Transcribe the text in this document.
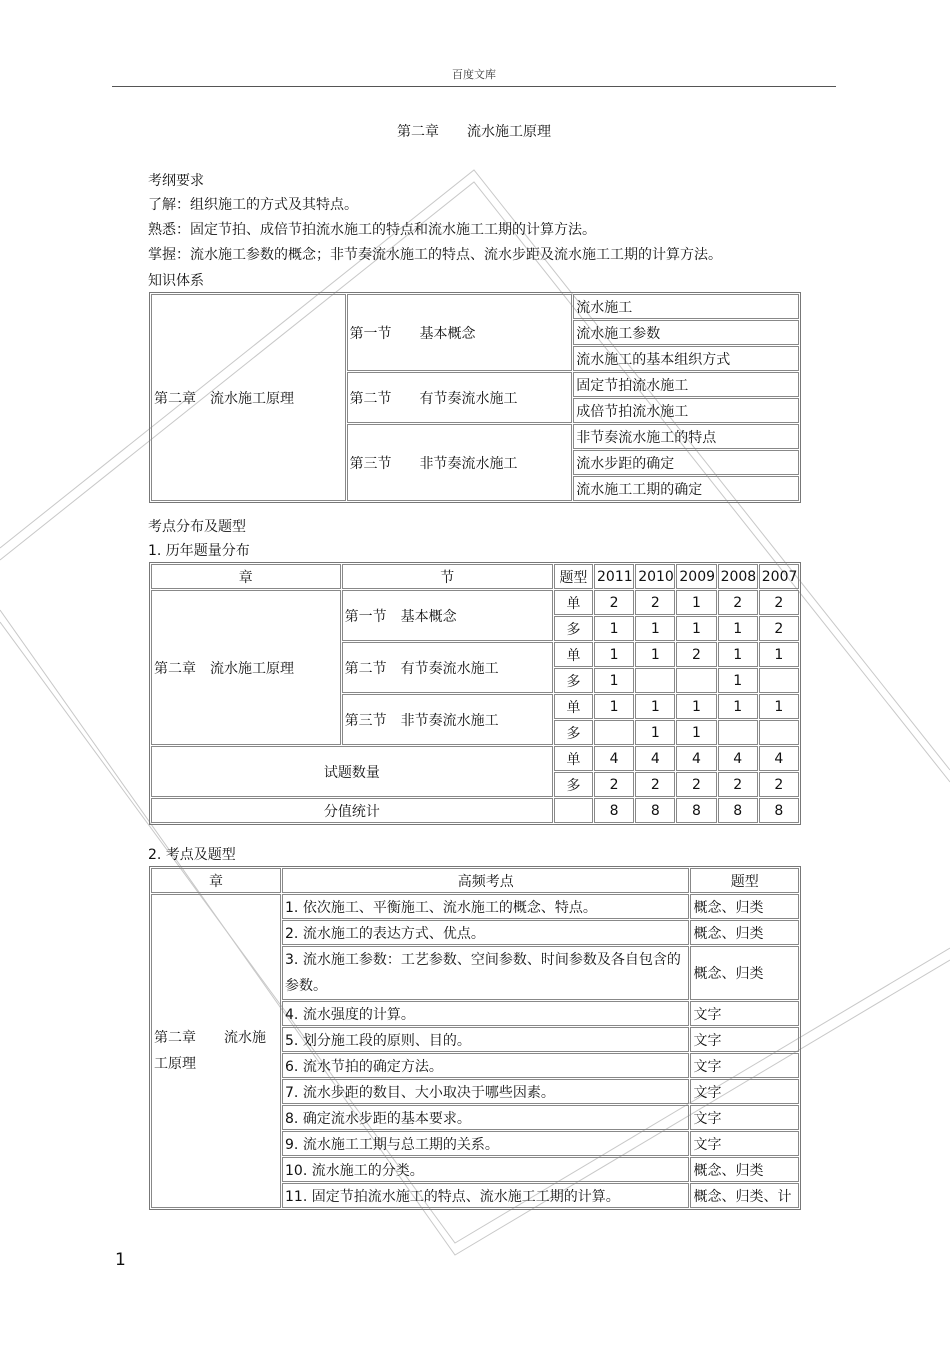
百度文库
第二章　　流水施工原理
考纲要求
了解：组织施工的方式及其特点。
熟悉：固定节拍、成倍节拍流水施工的特点和流水施工工期的计算方法。
掌握：流水施工参数的概念；非节奏流水施工的特点、流水步距及流水施工工期的计算方法。
知识体系
第二章　流水施工原理	第一节　　基本概念	流水施工
		流水施工参数
		流水施工的基本组织方式
	第二节　　有节奏流水施工	固定节拍流水施工
		成倍节拍流水施工
	第三节　　非节奏流水施工	非节奏流水施工的特点
		流水步距的确定
		流水施工工期的确定
考点分布及题型
1. 历年题量分布
章	节	题型	2011	2010	2009	2008	2007
第二章　流水施工原理	第一节　基本概念	单	2	2	1	2	2
		多	1	1	1	1	2
	第二节　有节奏流水施工	单	1	1	2	1	1
		多	1			1	
	第三节　非节奏流水施工	单	1	1	1	1	1
		多		1	1		
试题数量		单	4	4	4	4	4
		多	2	2	2	2	2
分值统计			8	8	8	8	8
2. 考点及题型
章	高频考点	题型
第二章　　流水施工原理	1. 依次施工、平衡施工、流水施工的概念、特点。	概念、归类
	2. 流水施工的表达方式、优点。	概念、归类
	3. 流水施工参数：工艺参数、空间参数、时间参数及各自包含的参数。	概念、归类
	4. 流水强度的计算。	文字
	5. 划分施工段的原则、目的。	文字
	6. 流水节拍的确定方法。	文字
	7. 流水步距的数目、大小取决于哪些因素。	文字
	8. 确定流水步距的基本要求。	文字
	9. 流水施工工期与总工期的关系。	文字
	10. 流水施工的分类。	概念、归类
	11. 固定节拍流水施工的特点、流水施工工期的计算。	概念、归类、计
1
